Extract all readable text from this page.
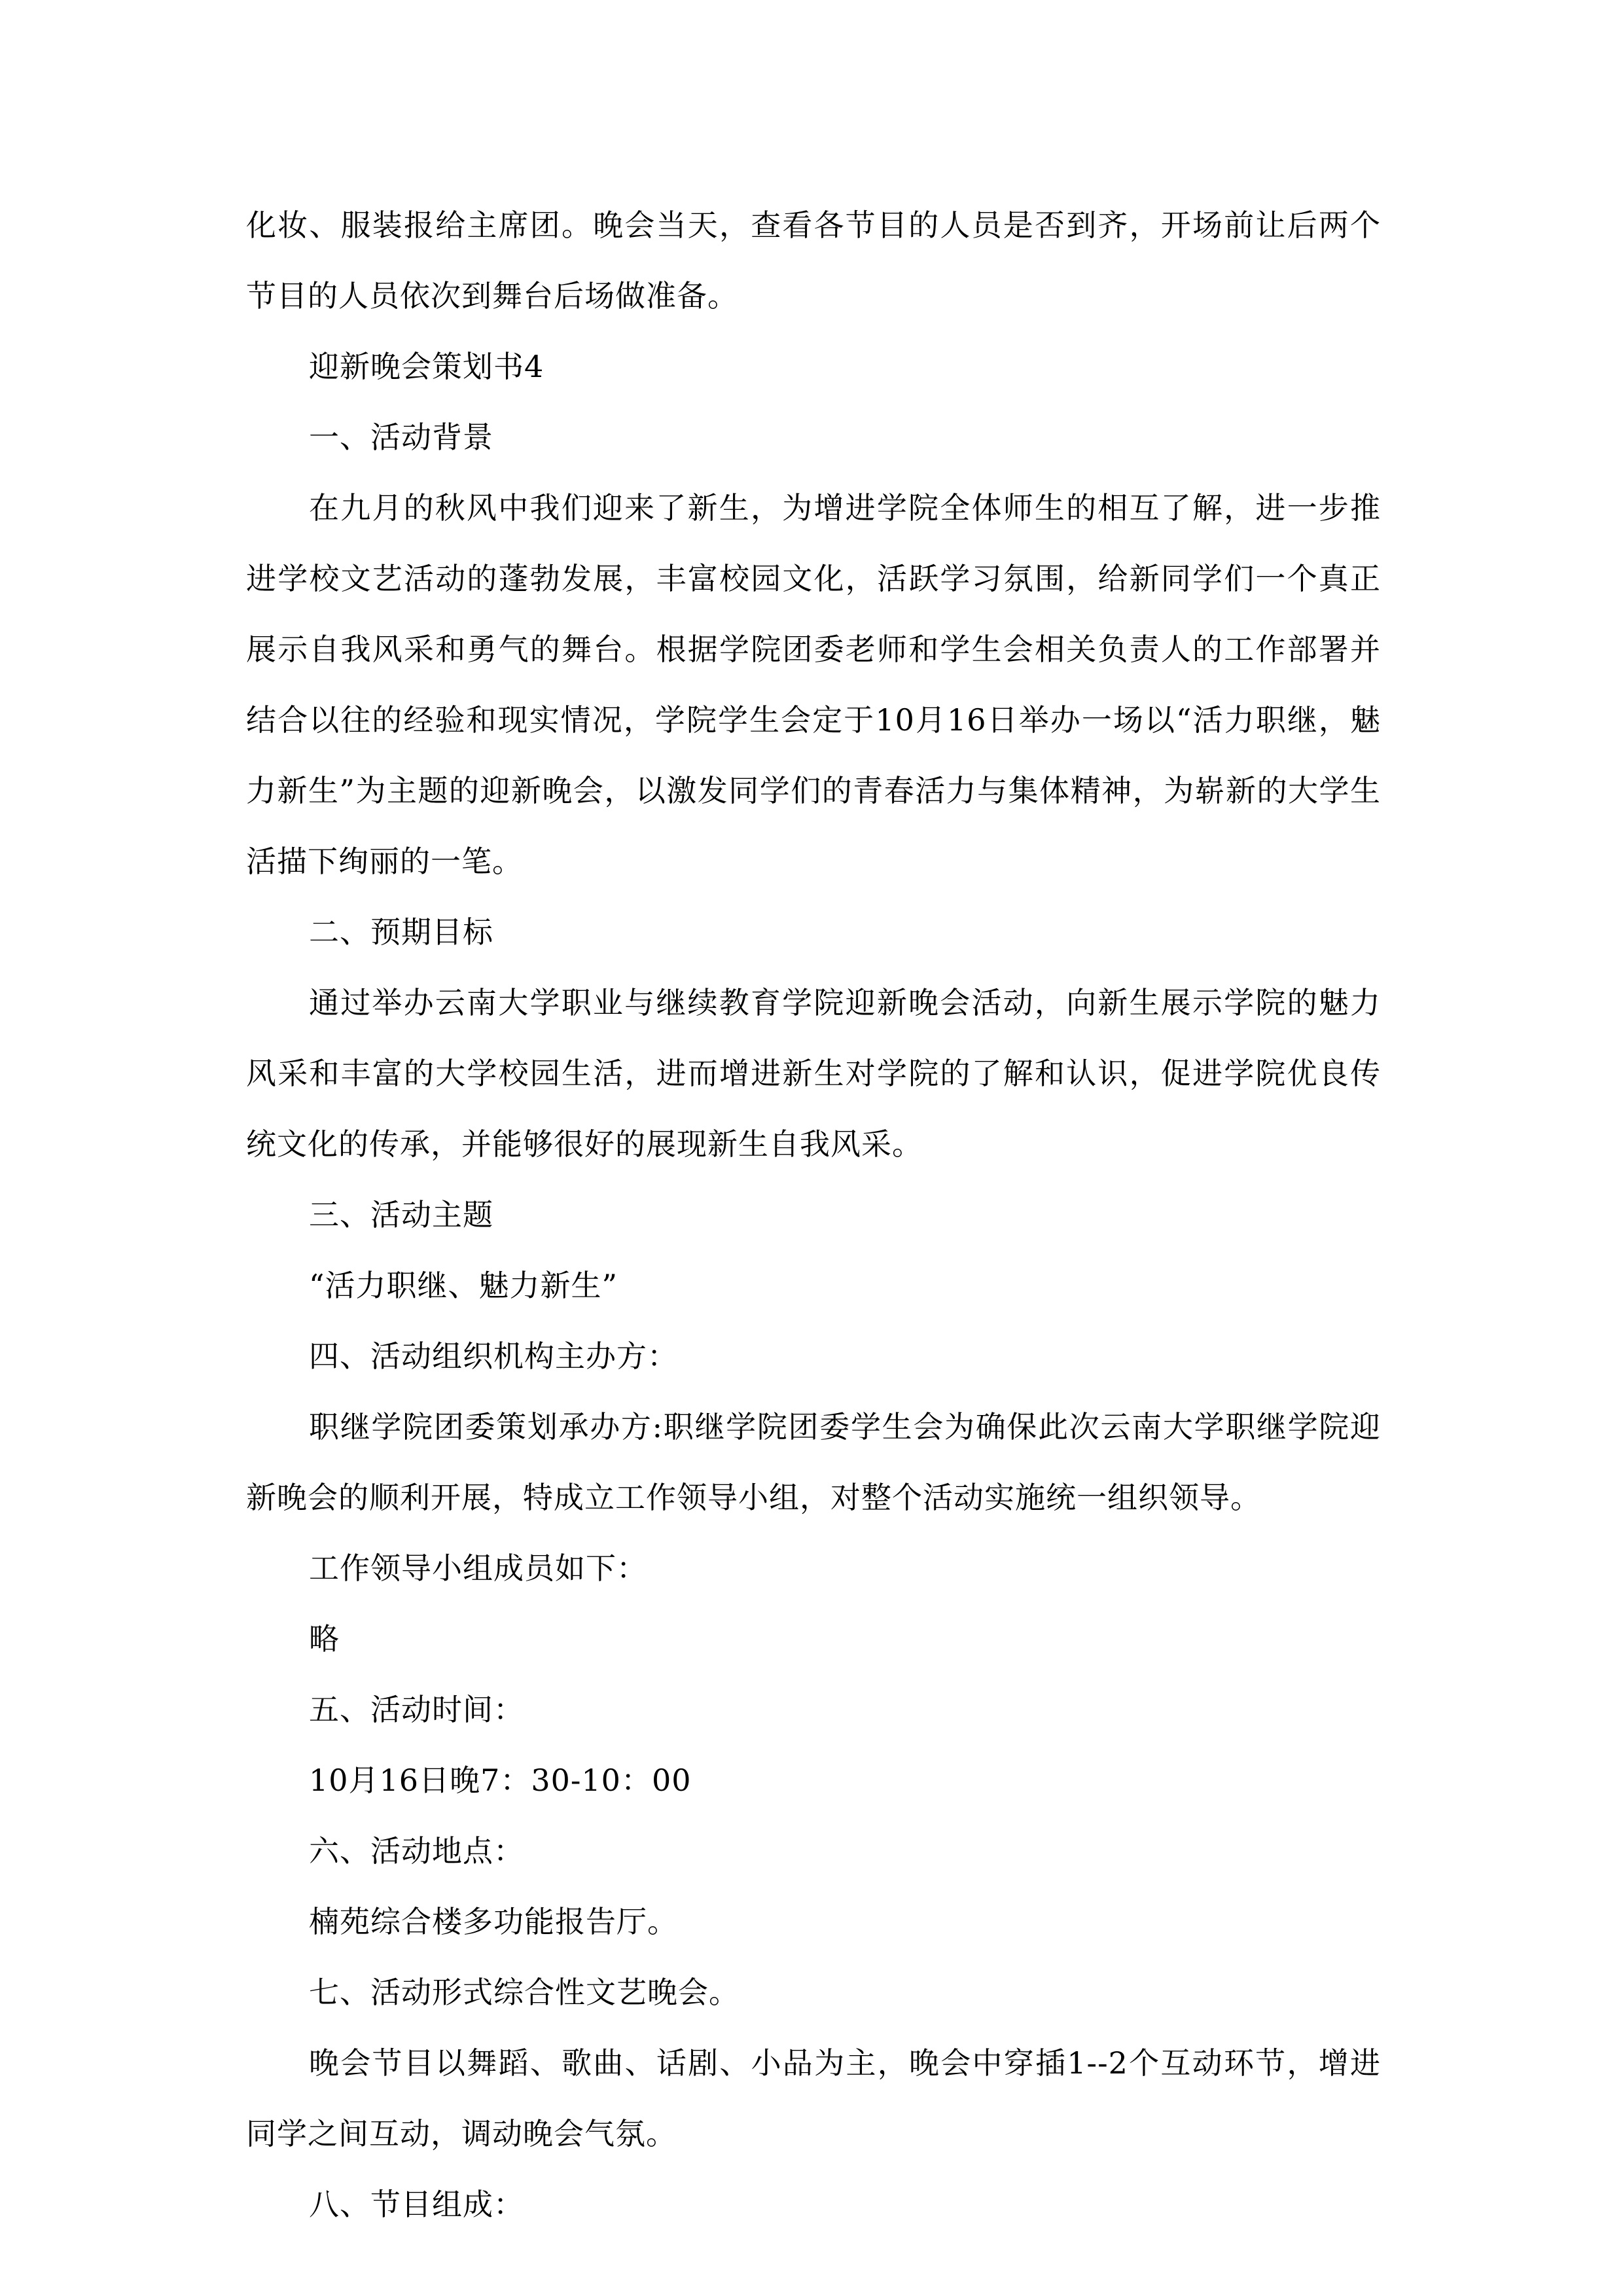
化妆、服装报给主席团。晚会当天，查看各节目的人员是否到齐，开场前让后两个节目的人员依次到舞台后场做准备。

迎新晚会策划书4

一、活动背景

在九月的秋风中我们迎来了新生，为增进学院全体师生的相互了解，进一步推进学校文艺活动的蓬勃发展，丰富校园文化，活跃学习氛围，给新同学们一个真正展示自我风采和勇气的舞台。根据学院团委老师和学生会相关负责人的工作部署并结合以往的经验和现实情况，学院学生会定于10月16日举办一场以“活力职继，魅力新生”为主题的迎新晚会，以激发同学们的青春活力与集体精神，为崭新的大学生活描下绚丽的一笔。

二、预期目标

通过举办云南大学职业与继续教育学院迎新晚会活动，向新生展示学院的魅力风采和丰富的大学校园生活，进而增进新生对学院的了解和认识，促进学院优良传统文化的传承，并能够很好的展现新生自我风采。

三、活动主题

“活力职继、魅力新生”

四、活动组织机构主办方：

职继学院团委策划承办方:职继学院团委学生会为确保此次云南大学职继学院迎新晚会的顺利开展，特成立工作领导小组，对整个活动实施统一组织领导。

工作领导小组成员如下：

略

五、活动时间：

10月16日晚7：30-10：00

六、活动地点：

楠苑综合楼多功能报告厅。

七、活动形式综合性文艺晚会。

晚会节目以舞蹈、歌曲、话剧、小品为主，晚会中穿插1--2个互动环节，增进同学之间互动，调动晚会气氛。

八、节目组成：
